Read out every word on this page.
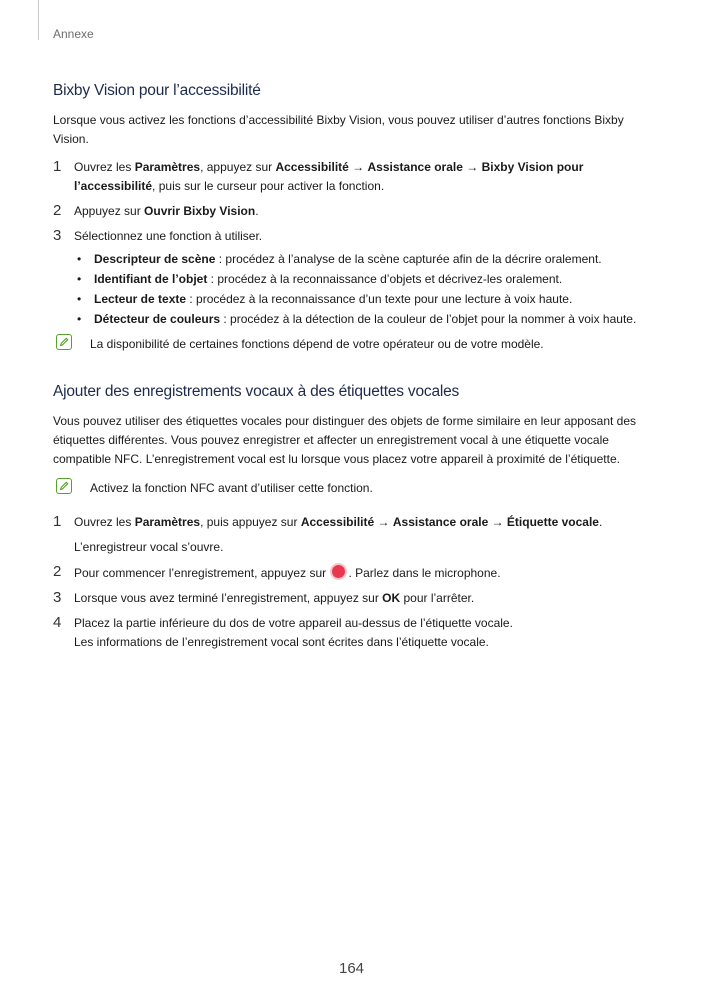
Annexe
Bixby Vision pour l’accessibilité

Lorsque vous activez les fonctions d’accessibilité Bixby Vision, vous pouvez utiliser d’autres fonctions Bixby Vision.

1 Ouvrez les Paramètres, appuyez sur Accessibilité → Assistance orale → Bixby Vision pour l’accessibilité, puis sur le curseur pour activer la fonction.
2 Appuyez sur Ouvrir Bixby Vision.
3 Sélectionnez une fonction à utiliser.
• Descripteur de scène : procédez à l’analyse de la scène capturée afin de la décrire oralement.
• Identifiant de l’objet : procédez à la reconnaissance d’objets et décrivez-les oralement.
• Lecteur de texte : procédez à la reconnaissance d’un texte pour une lecture à voix haute.
• Détecteur de couleurs : procédez à la détection de la couleur de l’objet pour la nommer à voix haute.
La disponibilité de certaines fonctions dépend de votre opérateur ou de votre modèle.
Ajouter des enregistrements vocaux à des étiquettes vocales

Vous pouvez utiliser des étiquettes vocales pour distinguer des objets de forme similaire en leur apposant des étiquettes différentes. Vous pouvez enregistrer et affecter un enregistrement vocal à une étiquette vocale compatible NFC. L’enregistrement vocal est lu lorsque vous placez votre appareil à proximité de l’étiquette.

Activez la fonction NFC avant d’utiliser cette fonction.
1 Ouvrez les Paramètres, puis appuyez sur Accessibilité → Assistance orale → Étiquette vocale.
L’enregistreur vocal s’ouvre.
2 Pour commencer l’enregistrement, appuyez sur . Parlez dans le microphone.
3 Lorsque vous avez terminé l’enregistrement, appuyez sur OK pour l’arrêter.
4 Placez la partie inférieure du dos de votre appareil au-dessus de l’étiquette vocale.
Les informations de l’enregistrement vocal sont écrites dans l’étiquette vocale.
164
